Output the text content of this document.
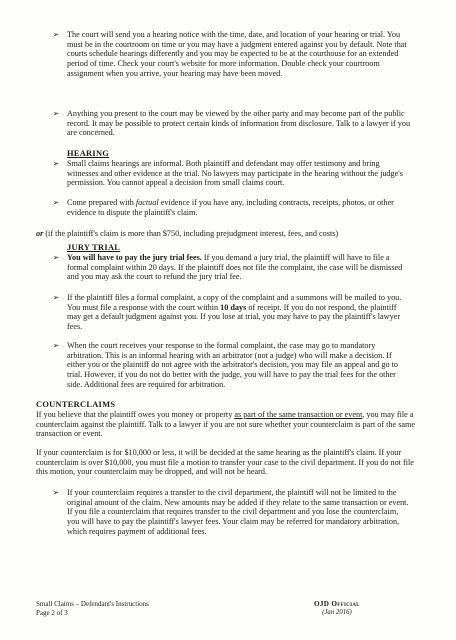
➢ The court will send you a hearing notice with the time, date, and location of your hearing or trial. You must be in the courtroom on time or you may have a judgment entered against you by default. Note that courts schedule hearings differently and you may be expected to be at the courthouse for an extended period of time. Check your court's website for more information. Double check your courtroom assignment when you arrive, your hearing may have been moved.

➢ Anything you present to the court may be viewed by the other party and may become part of the public record. It may be possible to protect certain kinds of information from disclosure. Talk to a lawyer if you are concerned.

HEARING
➢ Small claims hearings are informal. Both plaintiff and defendant may offer testimony and bring witnesses and other evidence at the trial. No lawyers may participate in the hearing without the judge's permission. You cannot appeal a decision from small claims court.

➢ Come prepared with factual evidence if you have any, including contracts, receipts, photos, or other evidence to dispute the plaintiff's claim.

or (if the plaintiff's claim is more than $750, including prejudgment interest, fees, and costs)
JURY TRIAL
➢ You will have to pay the jury trial fees. If you demand a jury trial, the plaintiff will have to file a formal complaint within 20 days. If the plaintiff does not file the complaint, the case will be dismissed and you may ask the court to refund the jury trial fee.

➢ If the plaintiff files a formal complaint, a copy of the complaint and a summons will be mailed to you. You must file a response with the court within 10 days of receipt. If you do not respond, the plaintiff may get a default judgment against you. If you lose at trial, you may have to pay the plaintiff's lawyer fees.

➢ When the court receives your response to the formal complaint, the case may go to mandatory arbitration. This is an informal hearing with an arbitrator (not a judge) who will make a decision. If either you or the plaintiff do not agree with the arbitrator's decision, you may file an appeal and go to trial. However, if you do not do better with the judge, you will have to pay the trial fees for the other side. Additional fees are required for arbitration.

COUNTERCLAIMS

If you believe that the plaintiff owes you money or property as part of the same transaction or event, you may file a counterclaim against the plaintiff. Talk to a lawyer if you are not sure whether your counterclaim is part of the same transaction or event.

If your counterclaim is for $10,000 or less, it will be decided at the same hearing as the plaintiff's claim. If your counterclaim is over $10,000, you must file a motion to transfer your case to the civil department. If you do not file this motion, your counterclaim may be dropped, and will not be heard.

➢ If your counterclaim requires a transfer to the civil department, the plaintiff will not be limited to the original amount of the claim. New amounts may be added if they relate to the same transaction or event. If you file a counterclaim that requires transfer to the civil department and you lose the counterclaim, you will have to pay the plaintiff's lawyer fees. Your claim may be referred for mandatory arbitration, which requires payment of additional fees.

Small Claims – Defendant's Instructions
Page 2 of 3
OJD Official
(Jan 2016)
